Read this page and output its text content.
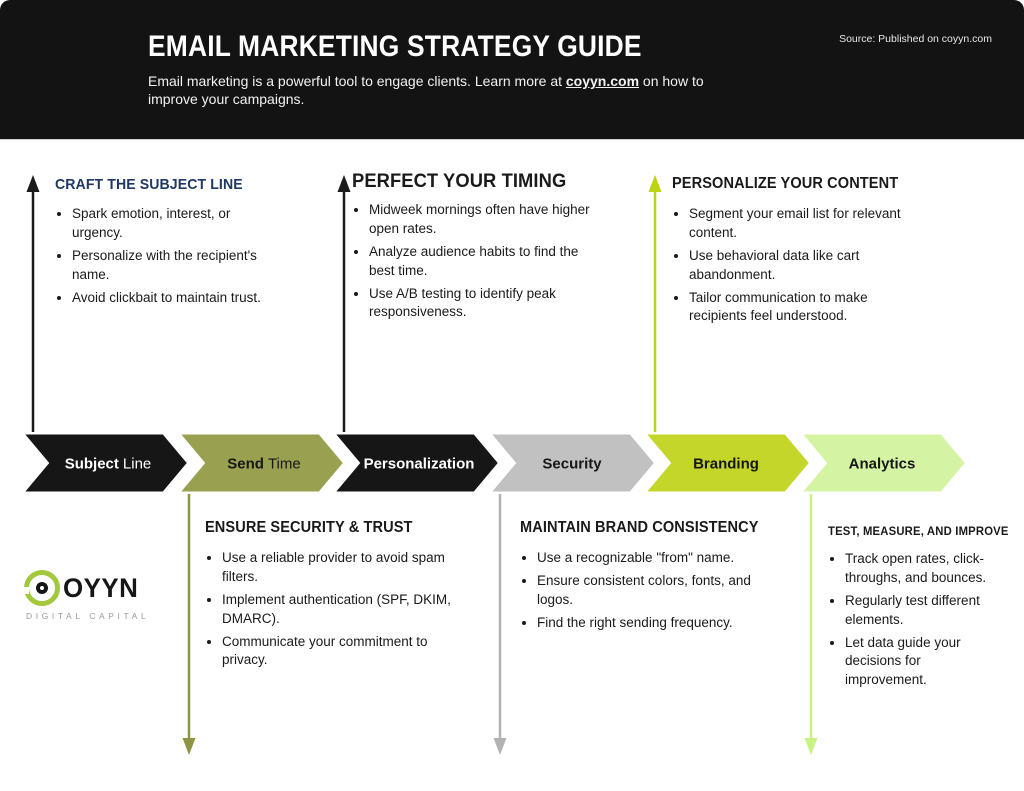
EMAIL MARKETING STRATEGY GUIDE
Email marketing is a powerful tool to engage clients. Learn more at coyyn.com on how to improve your campaigns.
Source: Published on coyyn.com
CRAFT THE SUBJECT LINE
• Spark emotion, interest, or urgency.
• Personalize with the recipient's name.
• Avoid clickbait to maintain trust.
PERFECT YOUR TIMING
• Midweek mornings often have higher open rates.
• Analyze audience habits to find the best time.
• Use A/B testing to identify peak responsiveness.
PERSONALIZE YOUR CONTENT
• Segment your email list for relevant content.
• Use behavioral data like cart abandonment.
• Tailor communication to make recipients feel understood.
Subject Line	Send Time	Personalization	Security	Branding	Analytics
ENSURE SECURITY & TRUST
• Use a reliable provider to avoid spam filters.
• Implement authentication (SPF, DKIM, DMARC).
• Communicate your commitment to privacy.
MAINTAIN BRAND CONSISTENCY
• Use a recognizable "from" name.
• Ensure consistent colors, fonts, and logos.
• Find the right sending frequency.
TEST, MEASURE, AND IMPROVE
• Track open rates, click-throughs, and bounces.
• Regularly test different elements.
• Let data guide your decisions for improvement.
OYYN
DIGITAL CAPITAL
